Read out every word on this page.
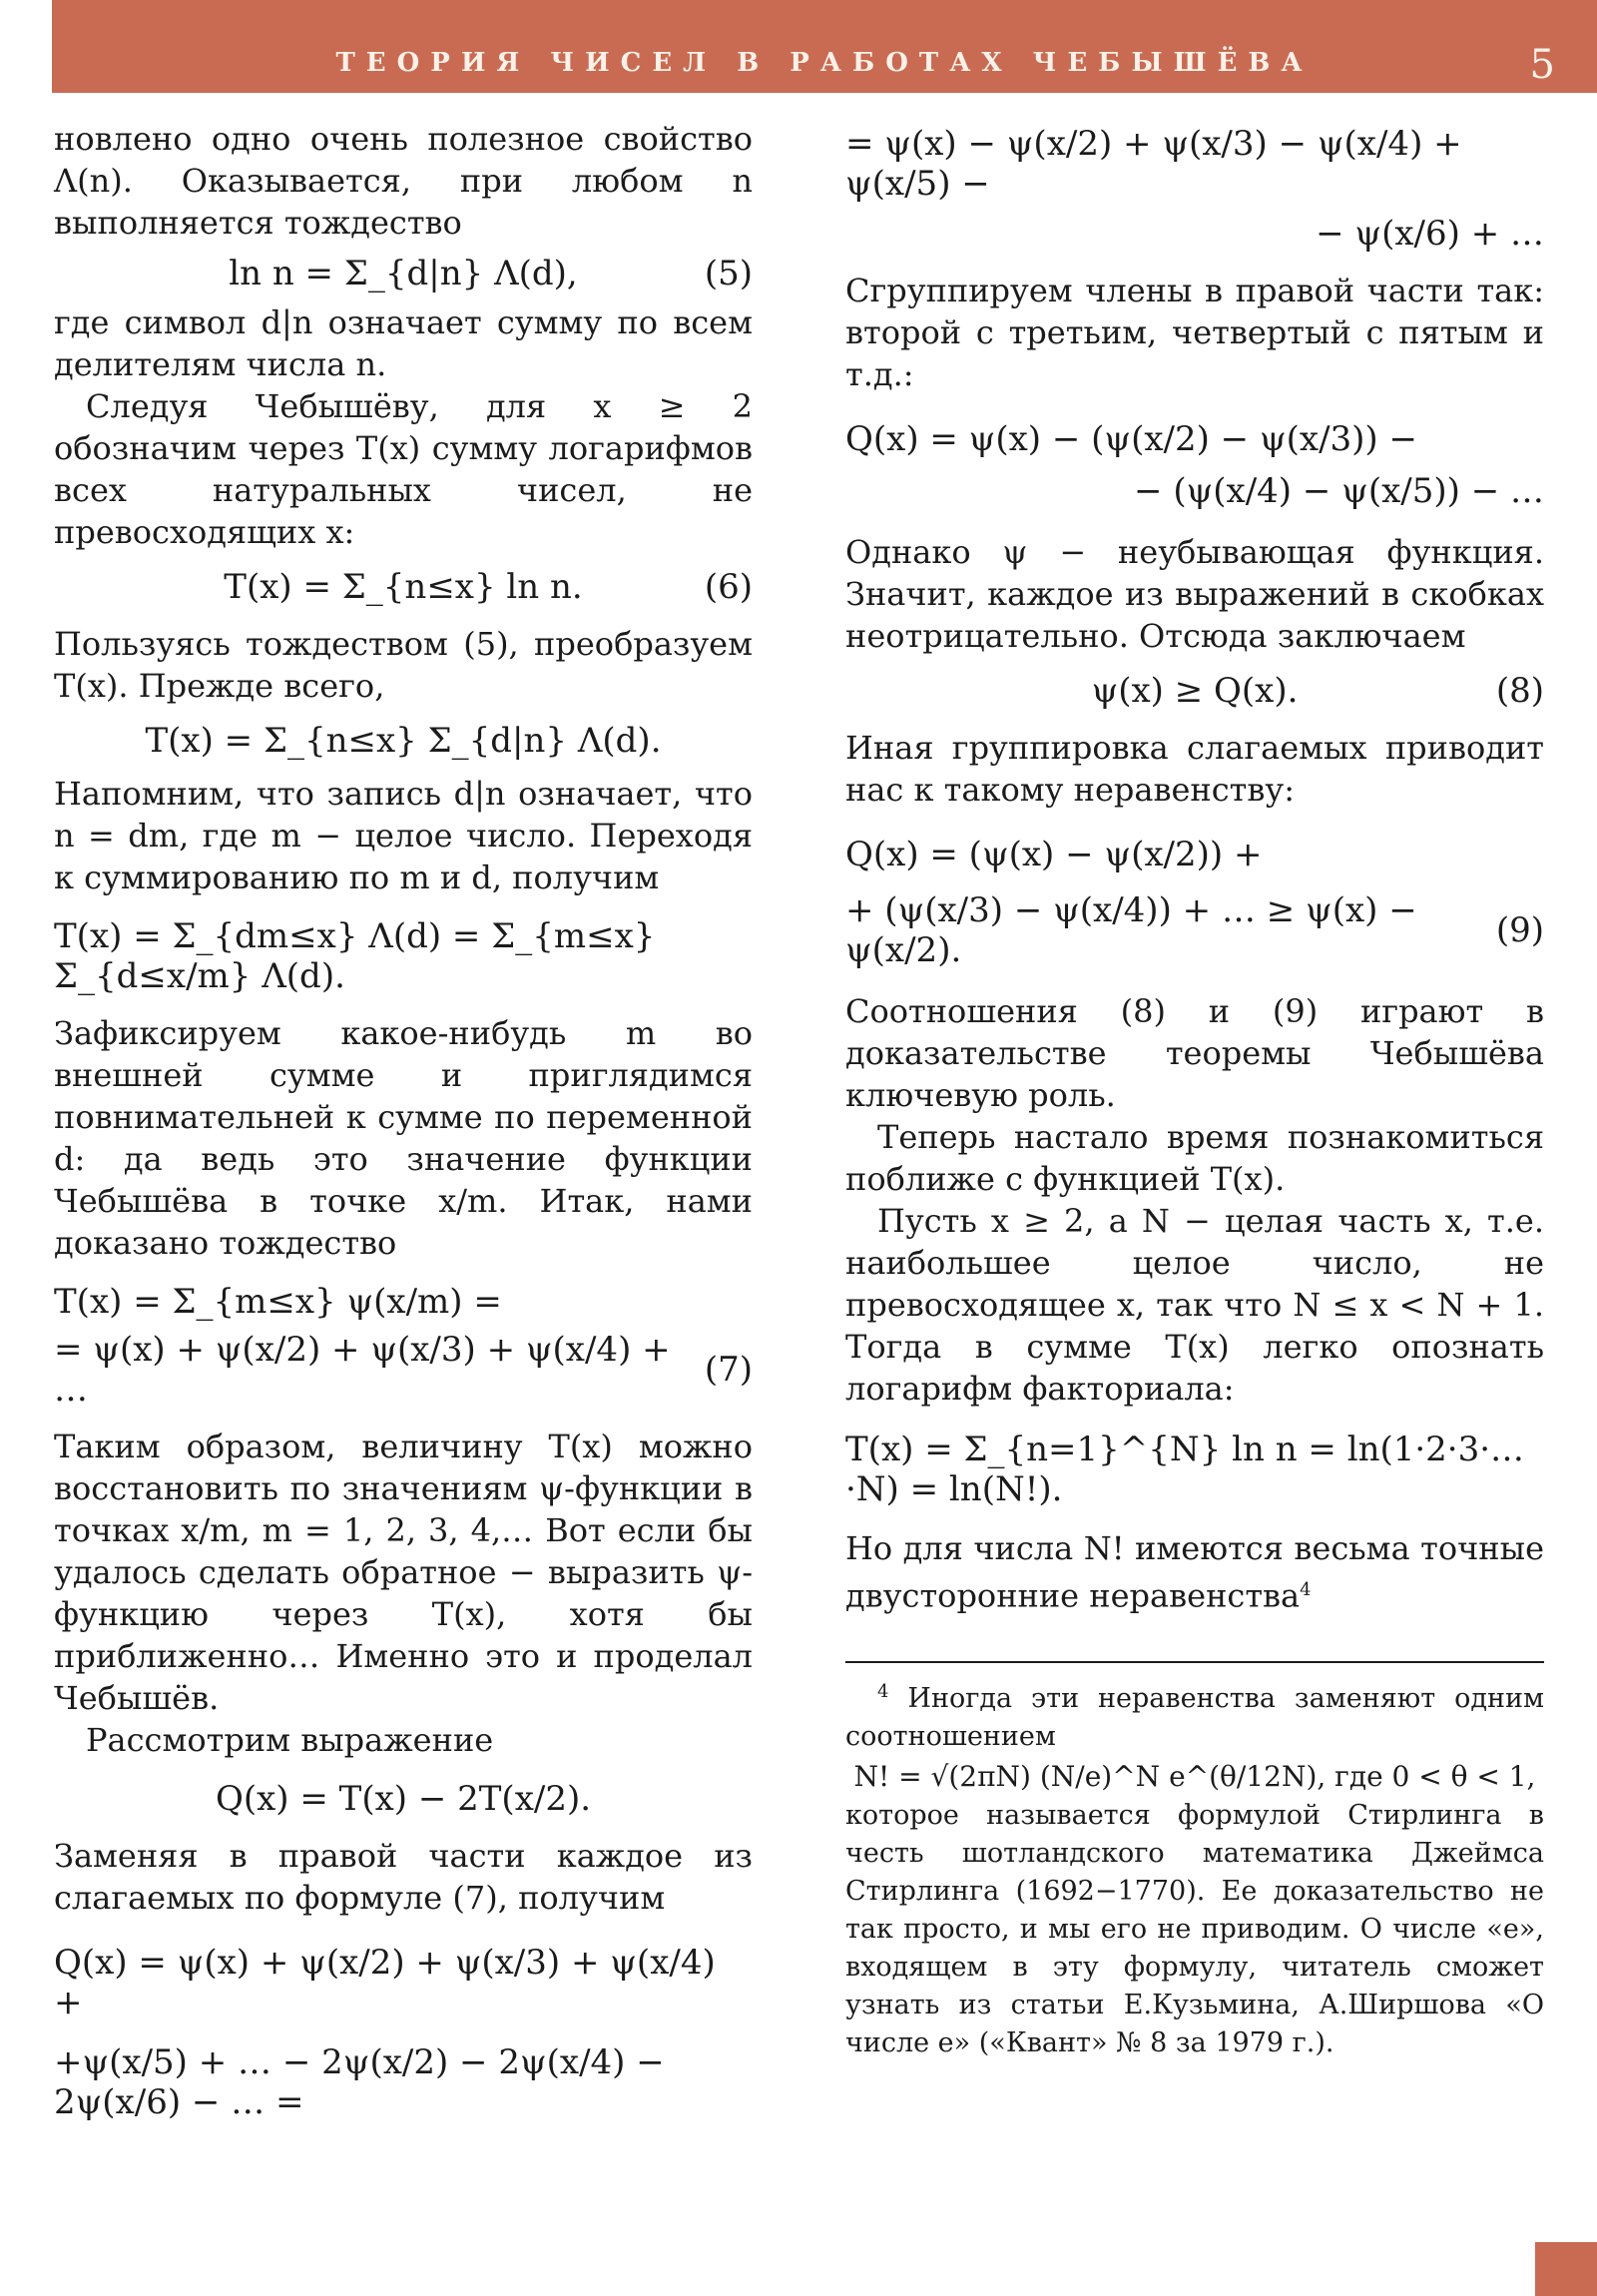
ТЕОРИЯ ЧИСЕЛ В РАБОТАХ ЧЕБЫШЁВА	5

новлено одно очень полезное свойство Λ(n). Оказывается, при любом n выполняется тождество

ln n = Σ_{d|n} Λ(d),	(5)

где символ d|n означает сумму по всем делителям числа n.

Следуя Чебышёву, для x ≥ 2 обозначим через T(x) сумму логарифмов всех натуральных чисел, не превосходящих x:

T(x) = Σ_{n≤x} ln n.	(6)

Пользуясь тождеством (5), преобразуем T(x). Прежде всего,

T(x) = Σ_{n≤x} Σ_{d|n} Λ(d).

Напомним, что запись d|n означает, что n = dm, где m − целое число. Переходя к суммированию по m и d, получим

T(x) = Σ_{dm≤x} Λ(d) = Σ_{m≤x} Σ_{d≤x/m} Λ(d).

Зафиксируем какое-нибудь m во внешней сумме и приглядимся повнимательней к сумме по переменной d: да ведь это значение функции Чебышёва в точке x/m. Итак, нами доказано тождество

T(x) = Σ_{m≤x} ψ(x/m) =
= ψ(x) + ψ(x/2) + ψ(x/3) + ψ(x/4) + …	(7)

Таким образом, величину T(x) можно восстановить по значениям ψ-функции в точках x/m, m = 1, 2, 3, 4,… Вот если бы удалось сделать обратное − выразить ψ-функцию через T(x), хотя бы приближенно… Именно это и проделал Чебышёв.

Рассмотрим выражение

Q(x) = T(x) − 2T(x/2).

Заменяя в правой части каждое из слагаемых по формуле (7), получим

Q(x) = ψ(x) + ψ(x/2) + ψ(x/3) + ψ(x/4) +
+ψ(x/5) + … − 2ψ(x/2) − 2ψ(x/4) − 2ψ(x/6) − … =
= ψ(x) − ψ(x/2) + ψ(x/3) − ψ(x/4) + ψ(x/5) −
− ψ(x/6) + …

Сгруппируем члены в правой части так: второй с третьим, четвертый с пятым и т.д.:

Q(x) = ψ(x) − (ψ(x/2) − ψ(x/3)) −
− (ψ(x/4) − ψ(x/5)) − …

Однако ψ − неубывающая функция. Значит, каждое из выражений в скобках неотрицательно. Отсюда заключаем

ψ(x) ≥ Q(x).	(8)

Иная группировка слагаемых приводит нас к такому неравенству:

Q(x) = (ψ(x) − ψ(x/2)) +
+ (ψ(x/3) − ψ(x/4)) + … ≥ ψ(x) − ψ(x/2).	(9)

Соотношения (8) и (9) играют в доказательстве теоремы Чебышёва ключевую роль.

Теперь настало время познакомиться поближе с функцией T(x).

Пусть x ≥ 2, а N − целая часть x, т.е. наибольшее целое число, не превосходящее x, так что N ≤ x < N + 1. Тогда в сумме T(x) легко опознать логарифм факториала:

T(x) = Σ_{n=1}^{N} ln n = ln(1·2·3·…·N) = ln(N!).

Но для числа N! имеются весьма точные двусторонние неравенства$^4$

$^4$ Иногда эти неравенства заменяют одним соотношением

N! = √(2πN) (N/e)^N e^(θ/12N), где 0 < θ < 1,

которое называется формулой Стирлинга в честь шотландского математика Джеймса Стирлинга (1692−1770). Ее доказательство не так просто, и мы его не приводим. О числе «e», входящем в эту формулу, читатель сможет узнать из статьи Е.Кузьмина, А.Ширшова «О числе e» («Квант» № 8 за 1979 г.).
